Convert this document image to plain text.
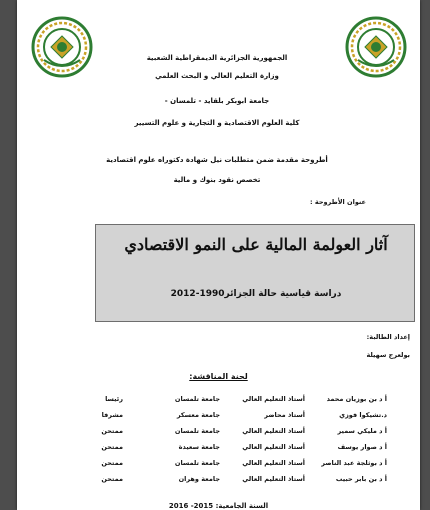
الجمهورية الجزائرية الديمقراطية الشعبية
وزارة التعليم العالي و البحث العلمي
جامعة ابوبكر بلقايد - تلمسان -
كلية العلوم الاقتصادية و التجارية و علوم التسيير
أطروحة مقدمة ضمن متطلبات نيل شهادة دكتوراه علوم اقتصادية
تخصص نقود بنوك و مالية
عنوان الأطروحة :
آثار العولمة المالية على النمو الاقتصادي
دراسة قياسية حالة الجزائر1990-2012
إعداد الطالبة:
بولعرج سهيلة
لجنة المناقشة:
أ د بن بوزيان محمد
أستاذ التعليم العالي
جامعة تلمسان
رئيسا
د.تشيكوا فوزي
أستاذ محاضر
جامعة معسكر
مشرفا
أ د مليكي سمير
أستاذ التعليم العالي
جامعة تلمسان
ممتحن
أ د صوار يوسف
أستاذ التعليم العالي
جامعة سعيدة
ممتحن
أ د بوثلجة عبد الناصر
أستاذ التعليم العالي
جامعة تلمسان
ممتحن
أ د بن بابر حبيب
أستاذ التعليم العالي
جامعة وهران
ممتحن
السنة الجامعية: 2015- 2016
